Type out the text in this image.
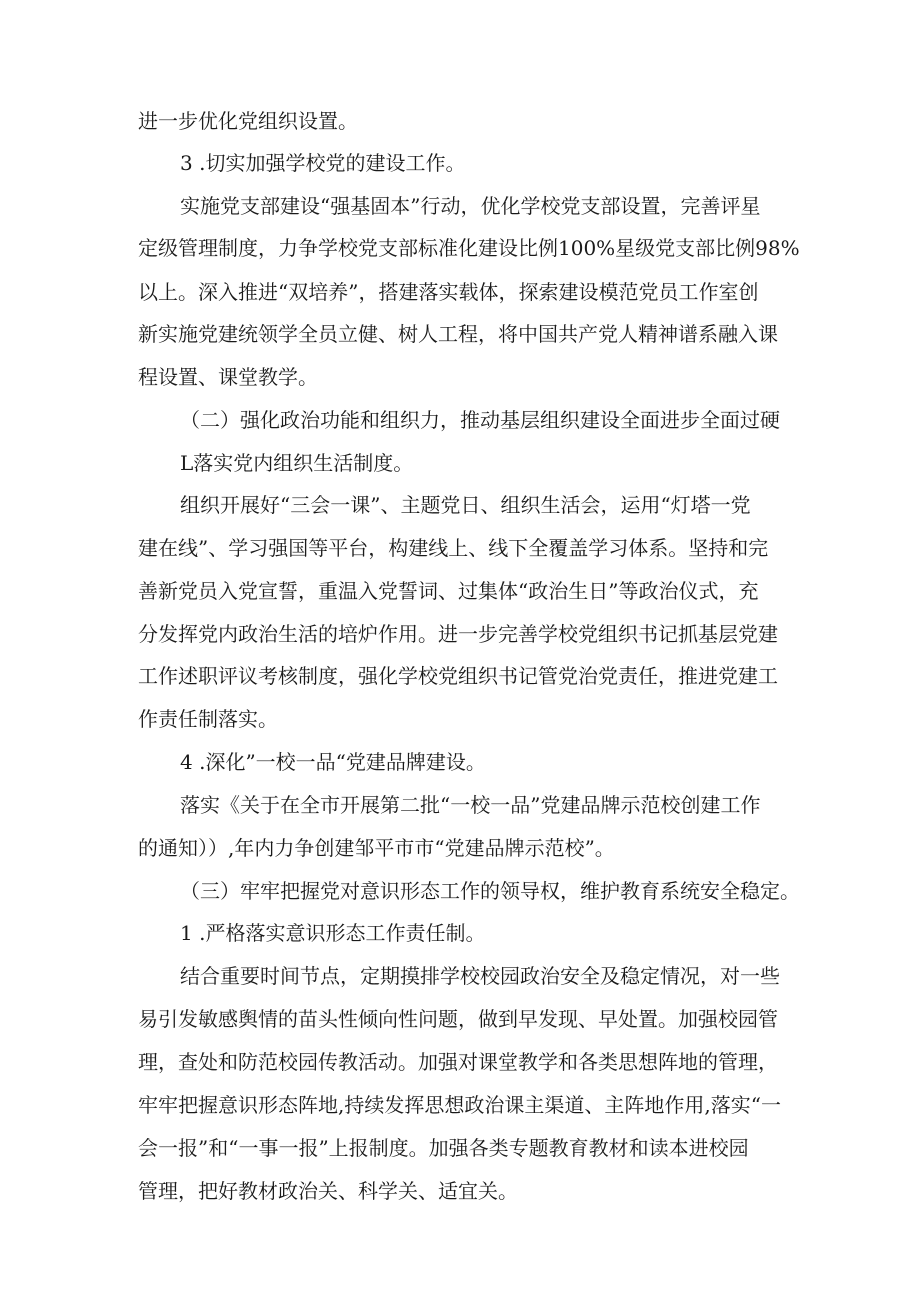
进一步优化党组织设置。
3 .切实加强学校党的建设工作。
实施党支部建设“强基固本”行动，优化学校党支部设置，完善评星
定级管理制度，力争学校党支部标准化建设比例100%星级党支部比例98%
以上。深入推进“双培养”，搭建落实载体，探索建设模范党员工作室创
新实施党建统领学全员立健、树人工程，将中国共产党人精神谱系融入课
程设置、课堂教学。
（二）强化政治功能和组织力，推动基层组织建设全面进步全面过硬
L落实党内组织生活制度。
组织开展好“三会一课”、主题党日、组织生活会，运用“灯塔一党
建在线”、学习强国等平台，构建线上、线下全覆盖学习体系。坚持和完
善新党员入党宣誓，重温入党誓词、过集体“政治生日”等政治仪式，充
分发挥党内政治生活的培炉作用。进一步完善学校党组织书记抓基层党建
工作述职评议考核制度，强化学校党组织书记管党治党责任，推进党建工
作责任制落实。
4 .深化”一校一品“党建品牌建设。
落实《关于在全市开展第二批“一校一品”党建品牌示范校创建工作
的通知））,年内力争创建邹平市市“党建品牌示范校”。
（三）牢牢把握党对意识形态工作的领导权，维护教育系统安全稳定。
1 .严格落实意识形态工作责任制。
结合重要时间节点，定期摸排学校校园政治安全及稳定情况，对一些
易引发敏感舆情的苗头性倾向性问题，做到早发现、早处置。加强校园管
理，查处和防范校园传教活动。加强对课堂教学和各类思想阵地的管理，
牢牢把握意识形态阵地,持续发挥思想政治课主渠道、主阵地作用,落实“一
会一报”和“一事一报”上报制度。加强各类专题教育教材和读本进校园
管理，把好教材政治关、科学关、适宜关。
